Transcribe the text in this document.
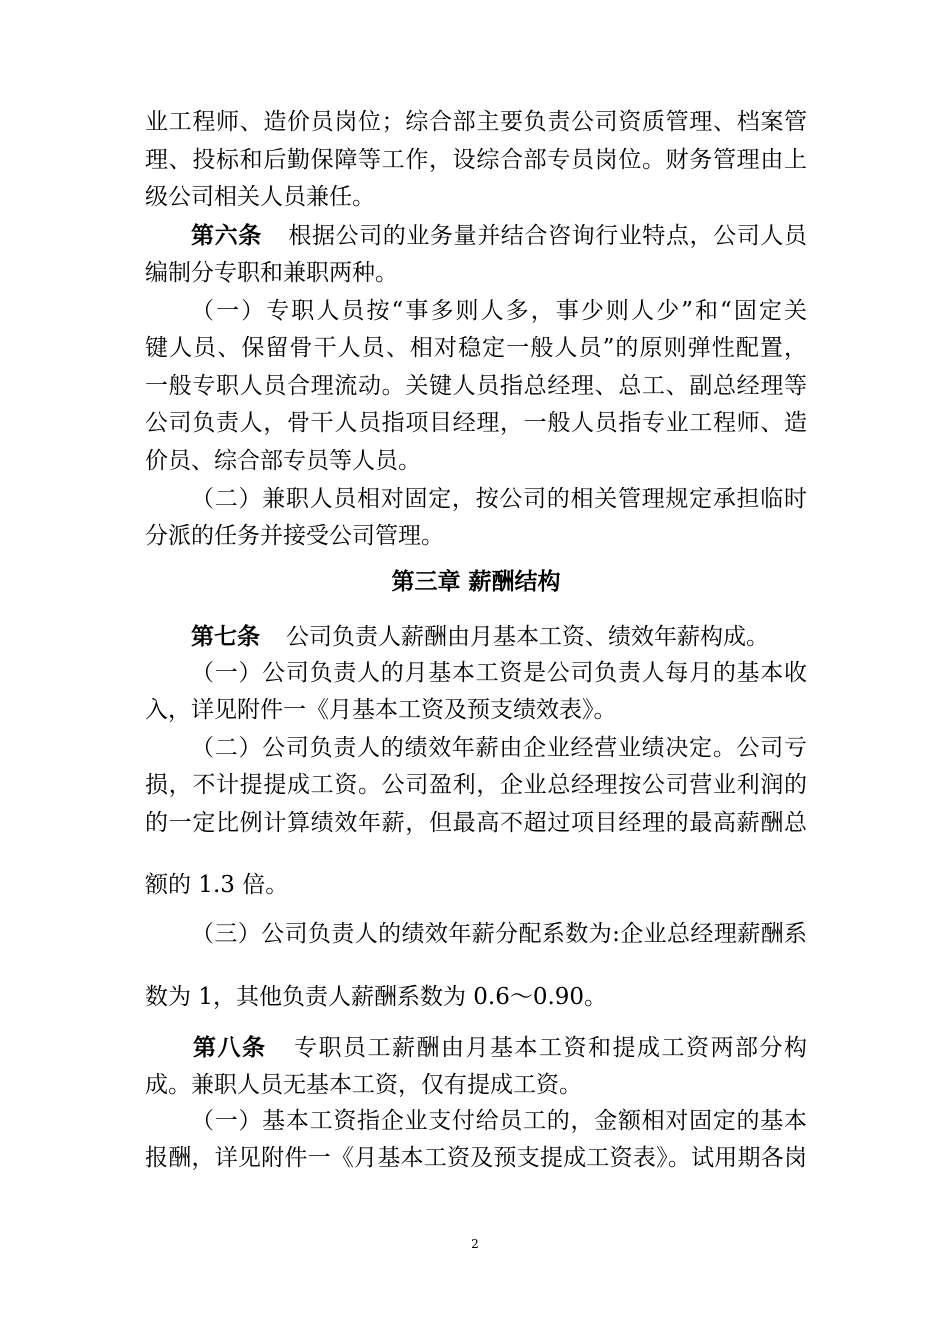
业工程师、造价员岗位；综合部主要负责公司资质管理、档案管
理、投标和后勤保障等工作，设综合部专员岗位。财务管理由上
级公司相关人员兼任。
第六条 根据公司的业务量并结合咨询行业特点，公司人员
编制分专职和兼职两种。
（一）专职人员按“事多则人多，事少则人少”和“固定关
键人员、保留骨干人员、相对稳定一般人员”的原则弹性配置，
一般专职人员合理流动。关键人员指总经理、总工、副总经理等
公司负责人，骨干人员指项目经理，一般人员指专业工程师、造
价员、综合部专员等人员。
（二）兼职人员相对固定，按公司的相关管理规定承担临时
分派的任务并接受公司管理。
第三章 薪酬结构
第七条 公司负责人薪酬由月基本工资、绩效年薪构成。
（一）公司负责人的月基本工资是公司负责人每月的基本收
入，详见附件一《月基本工资及预支绩效表》。
（二）公司负责人的绩效年薪由企业经营业绩决定。公司亏
损，不计提提成工资。公司盈利，企业总经理按公司营业利润的
的一定比例计算绩效年薪，但最高不超过项目经理的最高薪酬总
额的 1.3 倍。
（三）公司负责人的绩效年薪分配系数为:企业总经理薪酬系
数为 1，其他负责人薪酬系数为 0.6～0.90。
第八条 专职员工薪酬由月基本工资和提成工资两部分构
成。兼职人员无基本工资，仅有提成工资。
（一）基本工资指企业支付给员工的，金额相对固定的基本
报酬，详见附件一《月基本工资及预支提成工资表》。试用期各岗
2
